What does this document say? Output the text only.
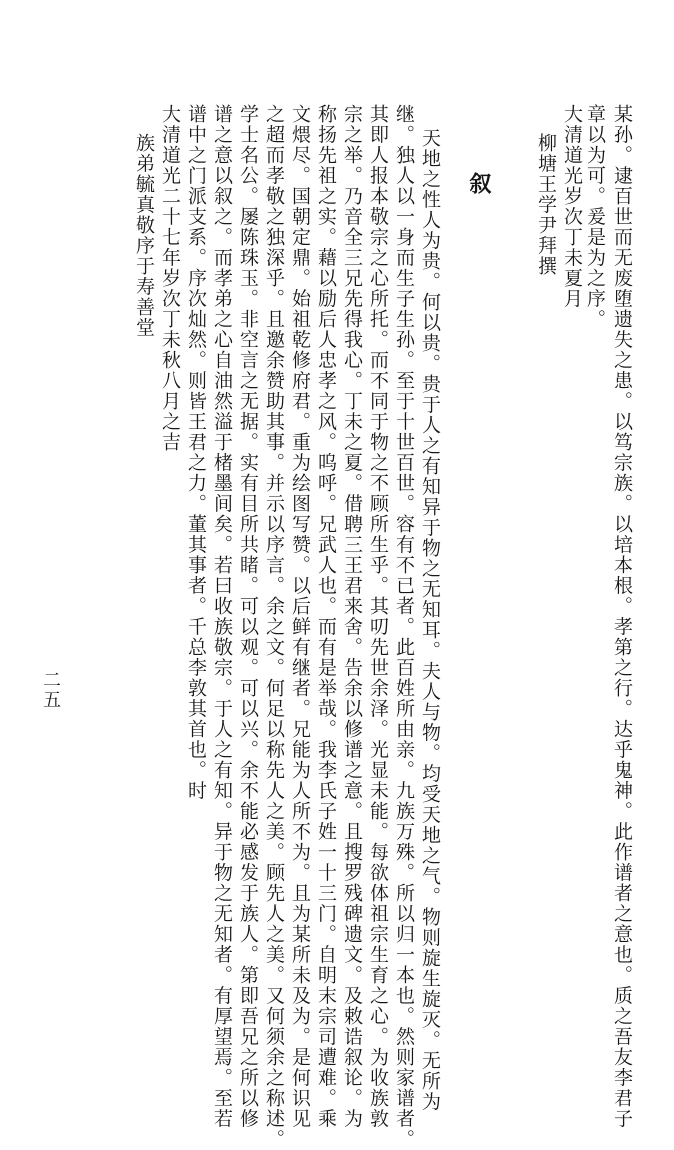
某孙。逮百世而无废堕遗失之患。以笃宗族。以培本根。孝第之行。达乎鬼神。此作谱者之意也。质之吾友李君子

章以为可。爰是为之序。

大清道光岁次丁未夏月

柳塘王学尹拜撰

叙

天地之性人为贵。何以贵。贵于人之有知异于物之无知耳。夫人与物。均受天地之气。物则旋生旋灭。无所为

继。独人以一身而生子生孙。至于十世百世。容有不已者。此百姓所由亲。九族万殊。所以归一本也。然则家谱者。

其即人报本敬宗之心所托。而不同于物之不顾所生乎。其叨先世余泽。光显未能。每欲体祖宗生育之心。为收族敦

宗之举。乃音全三兄先得我心。丁未之夏。借聘三王君来舍。告余以修谱之意。且搜罗残碑遗文。及敕诰叙论。为

称扬先祖之实。藉以励后人忠孝之风。呜呼。兄武人也。而有是举哉。我李氏子姓一十三门。自明末宗司遭难。乘

文煨尽。国朝定鼎。始祖乾修府君。重为绘图写赞。以后鲜有继者。兄能为人所不为。且为某所未及为。是何识见

之超而孝敬之独深乎。且邀余赞助其事。并示以序言。余之文。何足以称先人之美。顾先人之美。又何须余之称述。

学士名公。屡陈珠玉。非空言之无据。实有目所共睹。可以观。可以兴。余不能必感发于族人。第即吾兄之所以修

谱之意以叙之。而孝弟之心自油然溢于楮墨间矣。若曰收族敬宗。于人之有知。异于物之无知者。有厚望焉。至若

谱中之门派支系。序次灿然。则皆王君之力。董其事者。千总李敦其首也。时

大清道光二十七年岁次丁未秋八月之吉

族弟毓真敬序于寿善堂

二五
